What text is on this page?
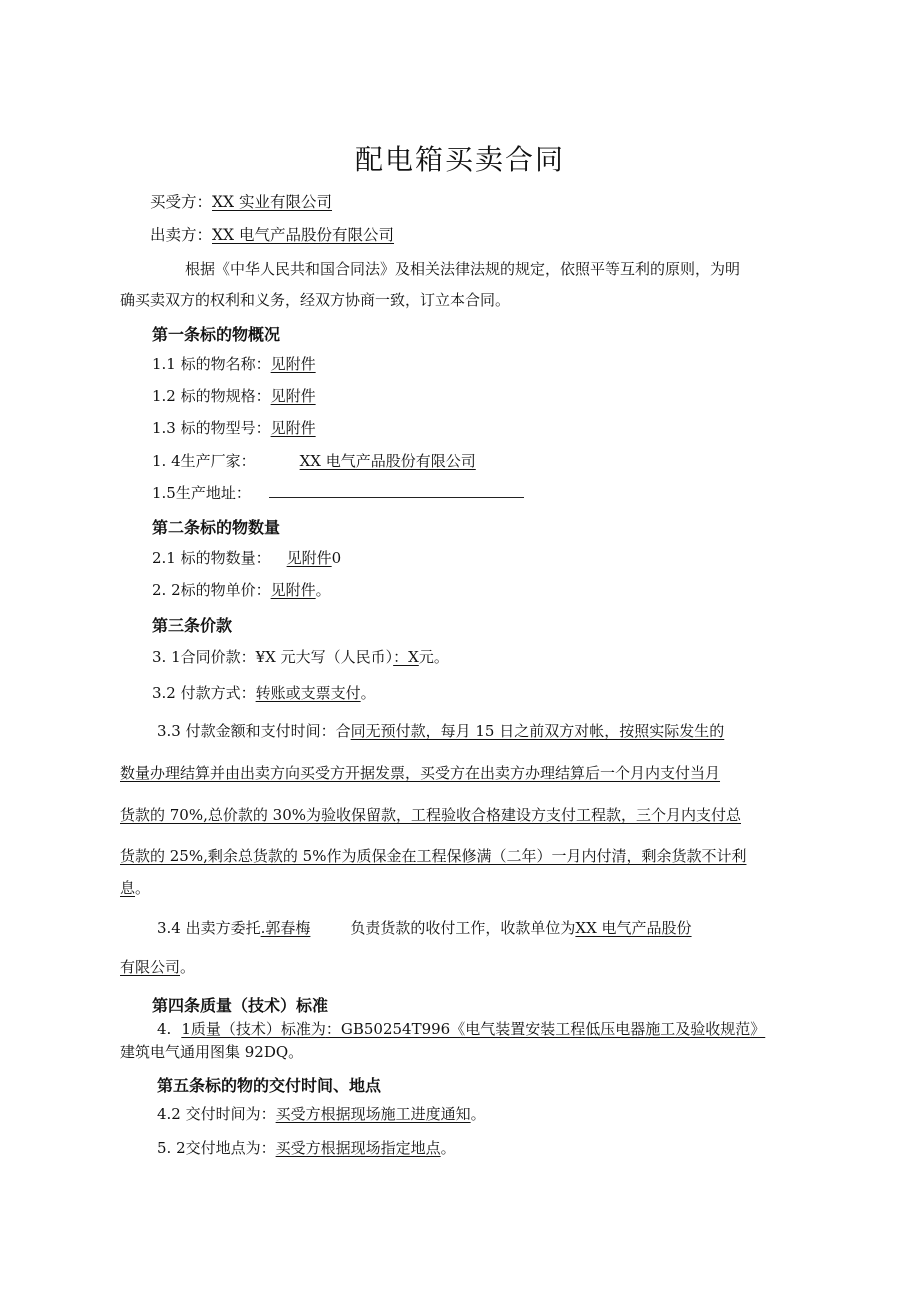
配电箱买卖合同
买受方：XX 实业有限公司
出卖方：XX 电气产品股份有限公司
根据《中华人民共和国合同法》及相关法律法规的规定，依照平等互利的原则，为明
确买卖双方的权利和义务，经双方协商一致，订立本合同。
第一条标的物概况
1.1 标的物名称：见附件
1.2 标的物规格：见附件
1.3 标的物型号：见附件
1. 4生产厂家：	XX 电气产品股份有限公司
1.5生产地址：
第二条标的物数量
2.1 标的物数量： 见附件0
2. 2标的物单价：见附件。
第三条价款
3. 1合同价款：¥X 元大写（人民币）：X元。
3.2 付款方式：转账或支票支付。
3.3 付款金额和支付时间：合同无预付款，每月 15 日之前双方对帐，按照实际发生的
数量办理结算并由出卖方向买受方开据发票，买受方在出卖方办理结算后一个月内支付当月
货款的 70%,总价款的 30%为验收保留款，工程验收合格建设方支付工程款，三个月内支付总
货款的 25%,剩余总货款的 5%作为质保金在工程保修满（二年）一月内付清，剩余货款不计利
息。
3.4 出卖方委托.郭春梅	负责货款的收付工作，收款单位为XX 电气产品股份
有限公司。
第四条质量（技术）标准
4. 1质量（技术）标准为：GB50254T996《电气装置安装工程低压电器施工及验收规范》
建筑电气通用图集 92DQ。
第五条标的物的交付时间、地点
4.2 交付时间为：买受方根据现场施工进度通知。
5. 2交付地点为：买受方根据现场指定地点。
